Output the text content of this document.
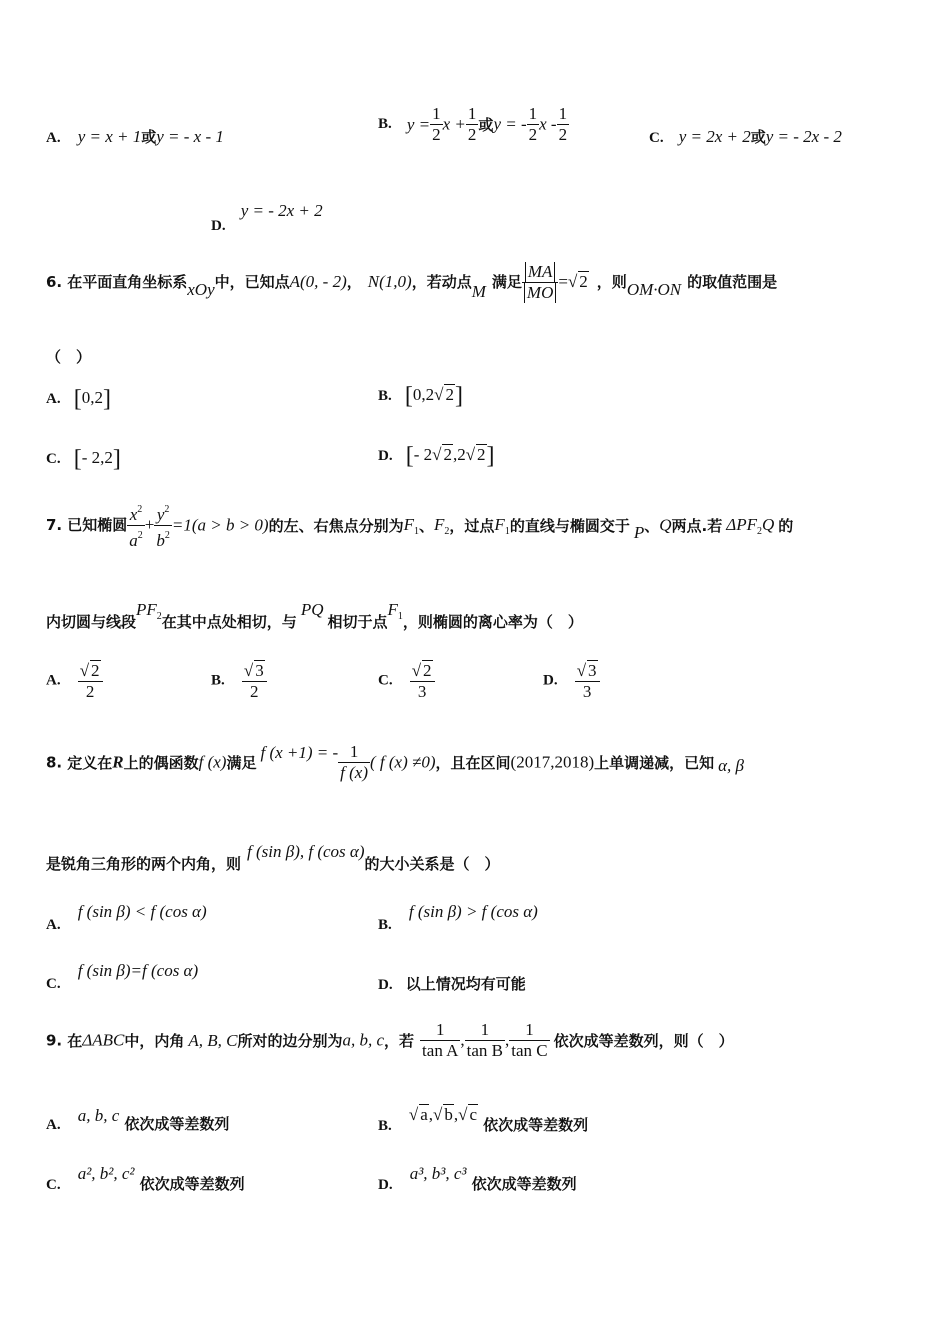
A. y = x + 1或y = - x - 1
B. $y = \frac{1}{2}$ $x + \frac{1}{2}$ 或y = - $\frac{1}{2}$ x - $\frac{1}{2}$	C. y = 2x + 2或y = - 2x - 2
D. y = - 2x + 2
6. 在平面直角坐标系xOy中，已知点A(0, - 2)， N(1,0)，若动点M 满足 $\frac{MA}{MO}$ =√ 2 ，则OM·ON 的取值范围是
（　）
A. [0,2]	B. [0,2√ 2]
C. [- 2,2]	D. [- 2√ 2,2√ 2]
7. 已知椭圆 $\frac{x^2}{a^2} + \frac{y^2}{b^2} =1(a > b > 0)$的左、右焦点分别为$F_1$、$F_2$，过点$F_1$的直线与椭圆交于 P、Q两点.若 $\Delta PF_2Q$ 的
内切圆与线段$PF_2$在其中点处相切，与PQ相切于点$F_1$，则椭圆的离心率为（　）
A. $\frac{√ 2}{2}$	B. $\frac{√ 3}{2}$	C. $\frac{√ 2}{3}$	D. $\frac{√ 3}{3}$
8. 定义在R上的偶函数f (x)满足f (x +1) = - $\frac{1}{f (x)}$ ( f (x) ≠0)，且在区间(2017,2018)上单调递减，已知 α, β
是锐角三角形的两个内角，则f (sin β), f (cos α)的大小关系是（　）
A. f (sin β) < f (cos α)
B. f (sin β) > f (cos α)
C. f (sin β)=f (cos α)
D. 以上情况均有可能
9. 在ΔABC中，内角 A, B, C所对的边分别为a, b, c，若 $\frac{1}{\text{tan A}}$ , $\frac{1}{\text{tan B}}$ , $\frac{1}{\text{tan C}}$ 依次成等差数列，则（　）
A. a, b, c 依次成等差数列	B. √ a,√ b,√ c 依次成等差数列
C. a², b², c² 依次成等差数列	D. a³, b³, c³ 依次成等差数列
